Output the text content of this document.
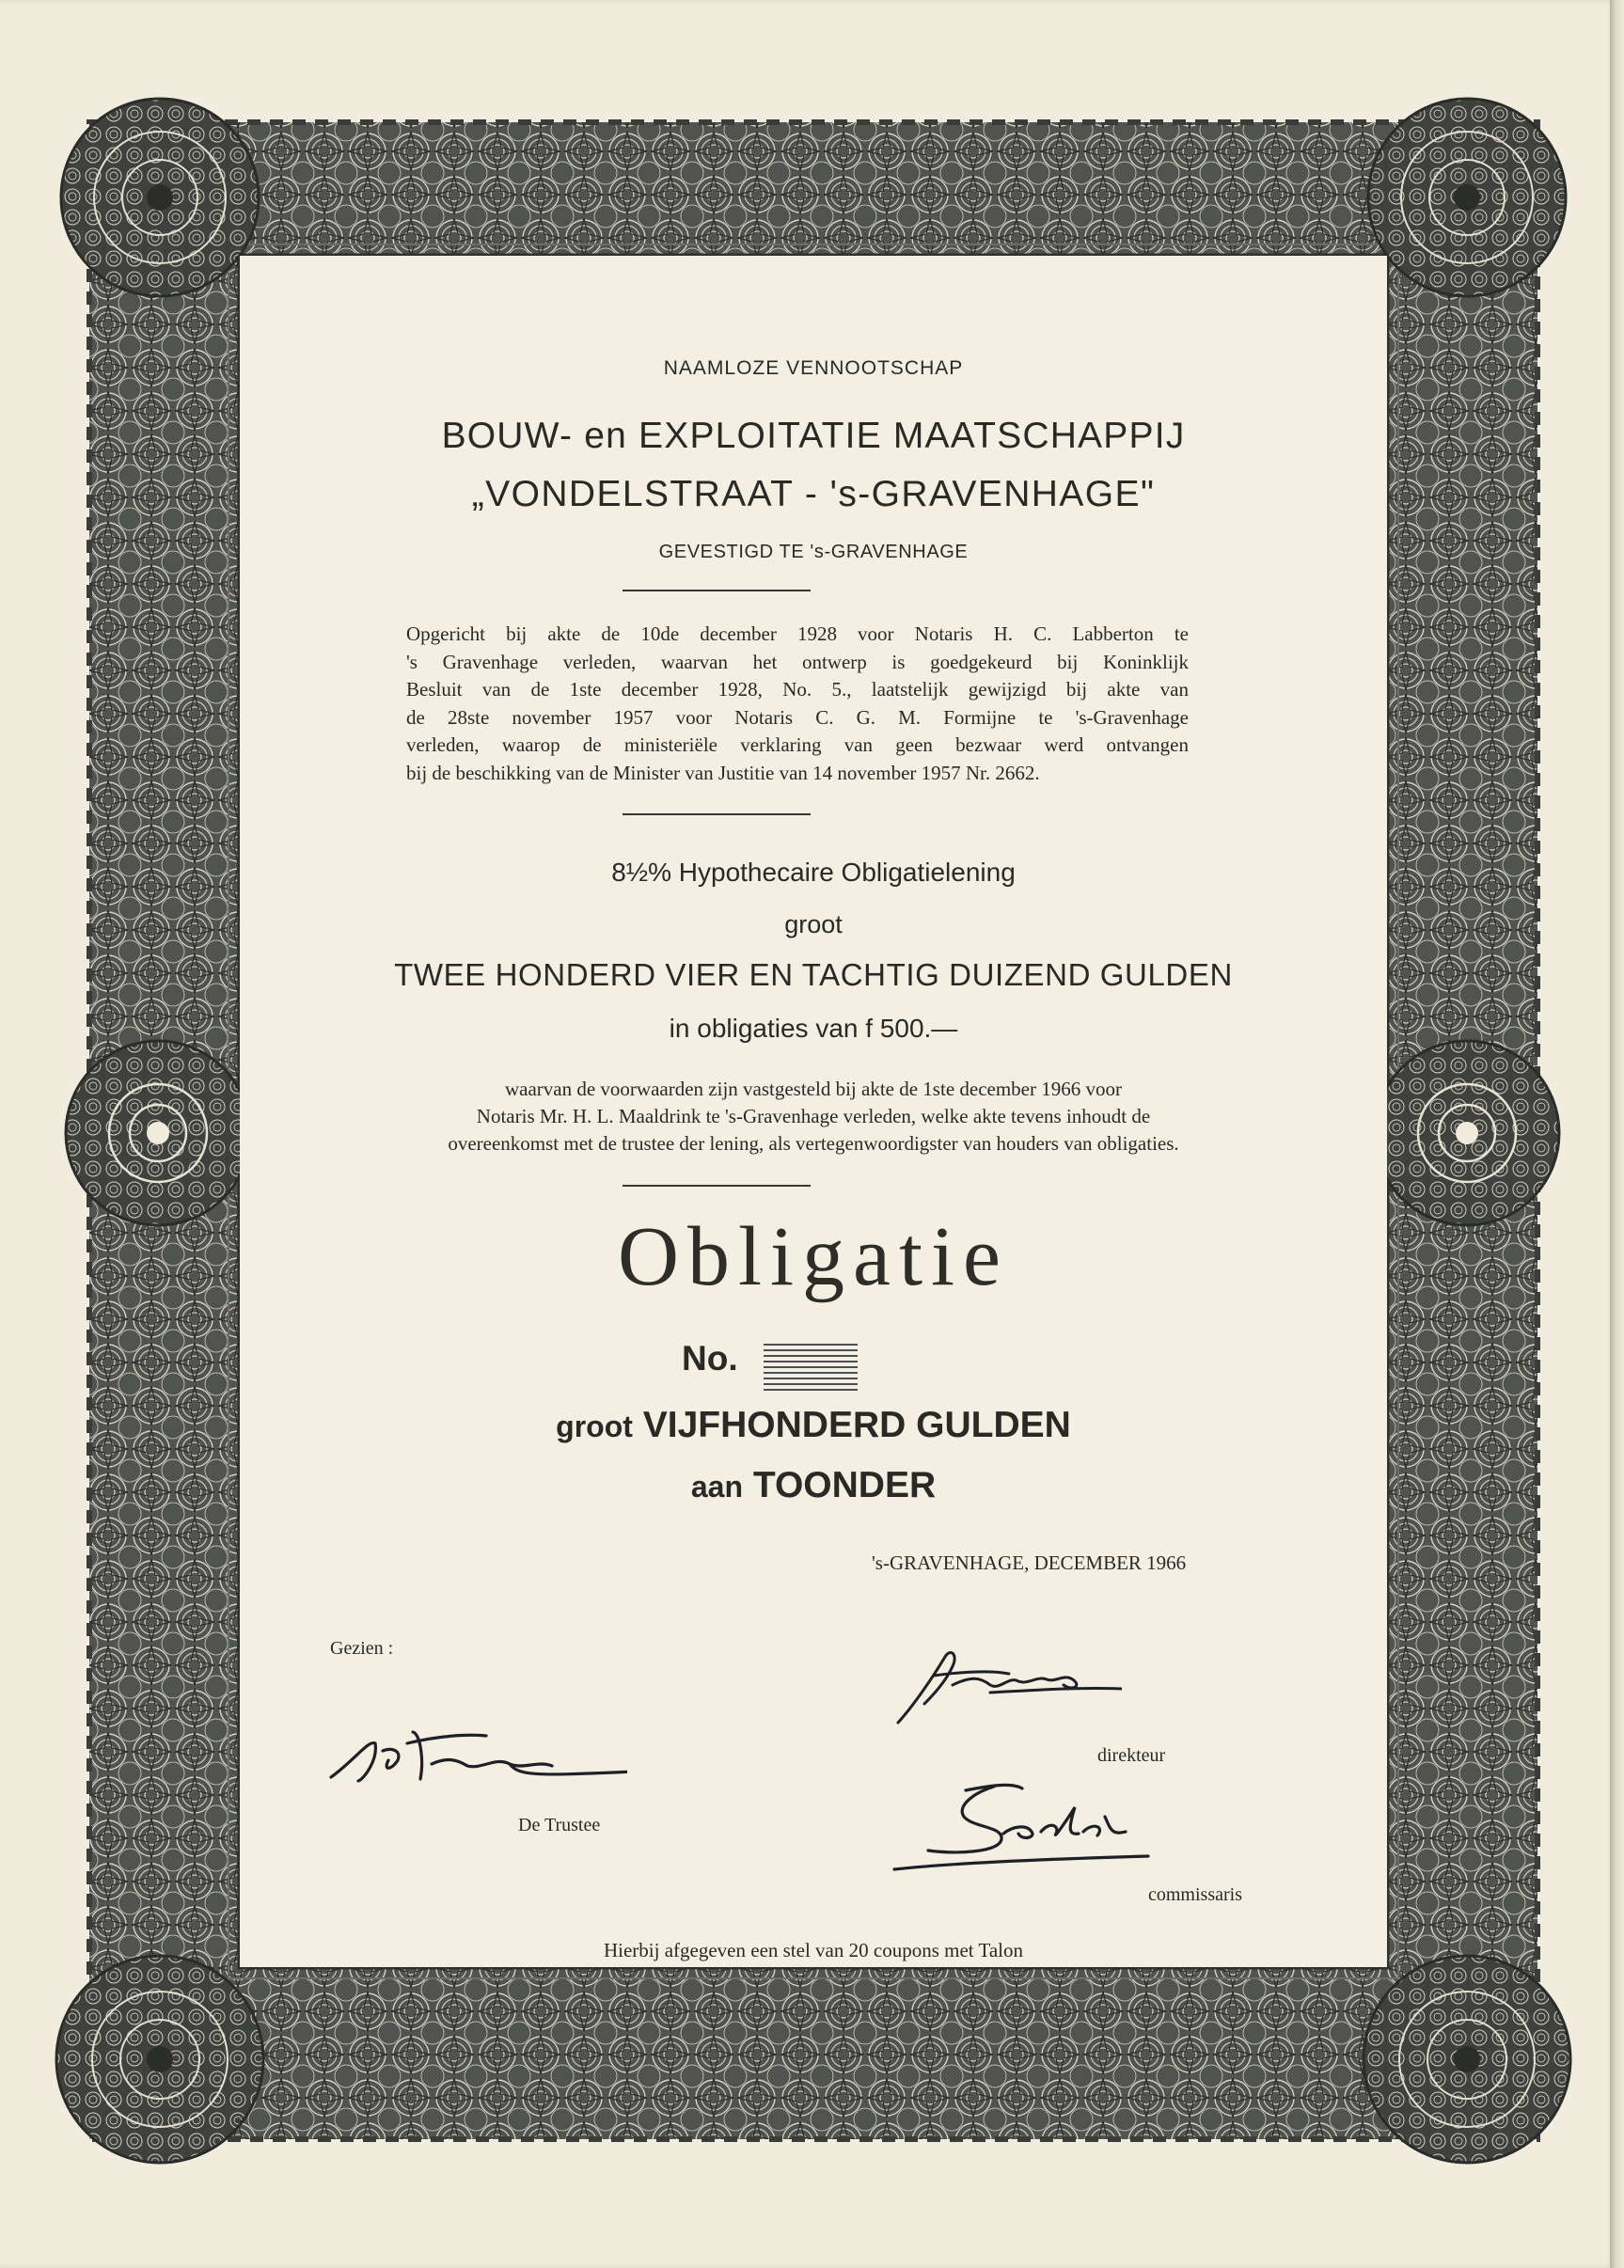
NAAMLOZE VENNOOTSCHAP
BOUW- en EXPLOITATIE MAATSCHAPPIJ
„VONDELSTRAAT - 's-GRAVENHAGE"
GEVESTIGD TE 's-GRAVENHAGE
Opgericht bij akte de 10de december 1928 voor Notaris H. C. Labberton te
's Gravenhage verleden, waarvan het ontwerp is goedgekeurd bij Koninklijk
Besluit van de 1ste december 1928, No. 5., laatstelijk gewijzigd bij akte van
de 28ste november 1957 voor Notaris C. G. M. Formijne te 's-Gravenhage
verleden, waarop de ministeriële verklaring van geen bezwaar werd ontvangen
bij de beschikking van de Minister van Justitie van 14 november 1957 Nr. 2662.
8½% Hypothecaire Obligatielening
groot
TWEE HONDERD VIER EN TACHTIG DUIZEND GULDEN
in obligaties van f 500.—
waarvan de voorwaarden zijn vastgesteld bij akte de 1ste december 1966 voor
Notaris Mr. H. L. Maaldrink te 's-Gravenhage verleden, welke akte tevens inhoudt de
overeenkomst met de trustee der lening, als vertegenwoordigster van houders van obligaties.
Obligatie
No.
groot VIJFHONDERD GULDEN
aan TOONDER
's-GRAVENHAGE, DECEMBER 1966
Gezien :
De Trustee
direkteur
commissaris
Hierbij afgegeven een stel van 20 coupons met Talon
